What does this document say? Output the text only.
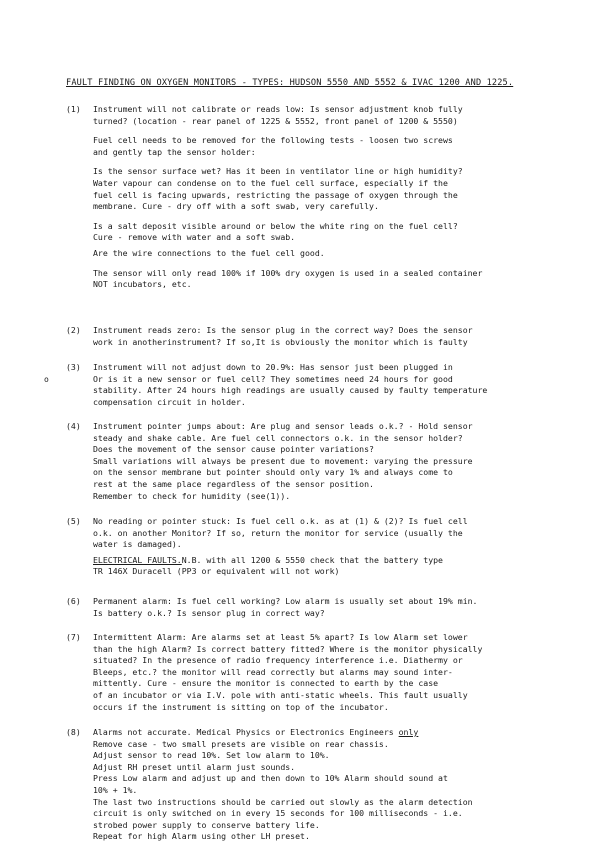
FAULT FINDING ON OXYGEN MONITORS - TYPES: HUDSON 5550 AND 5552 & IVAC 1200 AND 1225.
(1) Instrument will not calibrate or reads low: Is sensor adjustment knob fully
turned? (location - rear panel of 1225 & 5552, front panel of 1200 & 5550)
Fuel cell needs to be removed for the following tests - loosen two screws
and gently tap the sensor holder:
Is the sensor surface wet? Has it been in ventilator line or high humidity?
Water vapour can condense on to the fuel cell surface, especially if the
fuel cell is facing upwards, restricting the passage of oxygen through the
membrane. Cure - dry off with a soft swab, very carefully.
Is a salt deposit visible around or below the white ring on the fuel cell?
Cure - remove with water and a soft swab.
Are the wire connections to the fuel cell good.
The sensor will only read 100% if 100% dry oxygen is used in a sealed container
NOT incubators, etc.
(2) Instrument reads zero: Is the sensor plug in the correct way? Does the sensor
work in anotherinstrument? If so,It is obviously the monitor which is faulty
(3)
o
Instrument will not adjust down to 20.9%: Has sensor just been plugged in
Or is it a new sensor or fuel cell? They sometimes need 24 hours for good
stability. After 24 hours high readings are usually caused by faulty temperature
compensation circuit in holder.
(4) Instrument pointer jumps about: Are plug and sensor leads o.k.? - Hold sensor
steady and shake cable. Are fuel cell connectors o.k. in the sensor holder?
Does the movement of the sensor cause pointer variations?
Small variations will always be present due to movement: varying the pressure
on the sensor membrane but pointer should only vary 1% and always come to
rest at the same place regardless of the sensor position.
Remember to check for humidity (see(1)).
(5) No reading or pointer stuck: Is fuel cell o.k. as at (1) & (2)? Is fuel cell
o.k. on another Monitor? If so, return the monitor for service (usually the
water is damaged).
ELECTRICAL FAULTS.N.B. with all 1200 & 5550 check that the battery type
TR 146X Duracell (PP3 or equivalent will not work)
(6) Permanent alarm: Is fuel cell working? Low alarm is usually set about 19% min.
Is battery o.k.? Is sensor plug in correct way?
(7) Intermittent Alarm: Are alarms set at least 5% apart? Is low Alarm set lower
than the high Alarm? Is correct battery fitted? Where is the monitor physically
situated? In the presence of radio frequency interference i.e. Diathermy or
Bleeps, etc.? the monitor will read correctly but alarms may sound inter-
mittently. Cure - ensure the monitor is connected to earth by the case
of an incubator or via I.V. pole with anti-static wheels. This fault usually
occurs if the instrument is sitting on top of the incubator.
(8) Alarms not accurate. Medical Physics or Electronics Engineers only
Remove case - two small presets are visible on rear chassis.
Adjust sensor to read 10%. Set low alarm to 10%.
Adjust RH preset until alarm just sounds.
Press Low alarm and adjust up and then down to 10% Alarm should sound at
10% + 1%.
The last two instructions should be carried out slowly as the alarm detection
circuit is only switched on in every 15 seconds for 100 milliseconds - i.e.
strobed power supply to conserve battery life.
Repeat for high Alarm using other LH preset.
